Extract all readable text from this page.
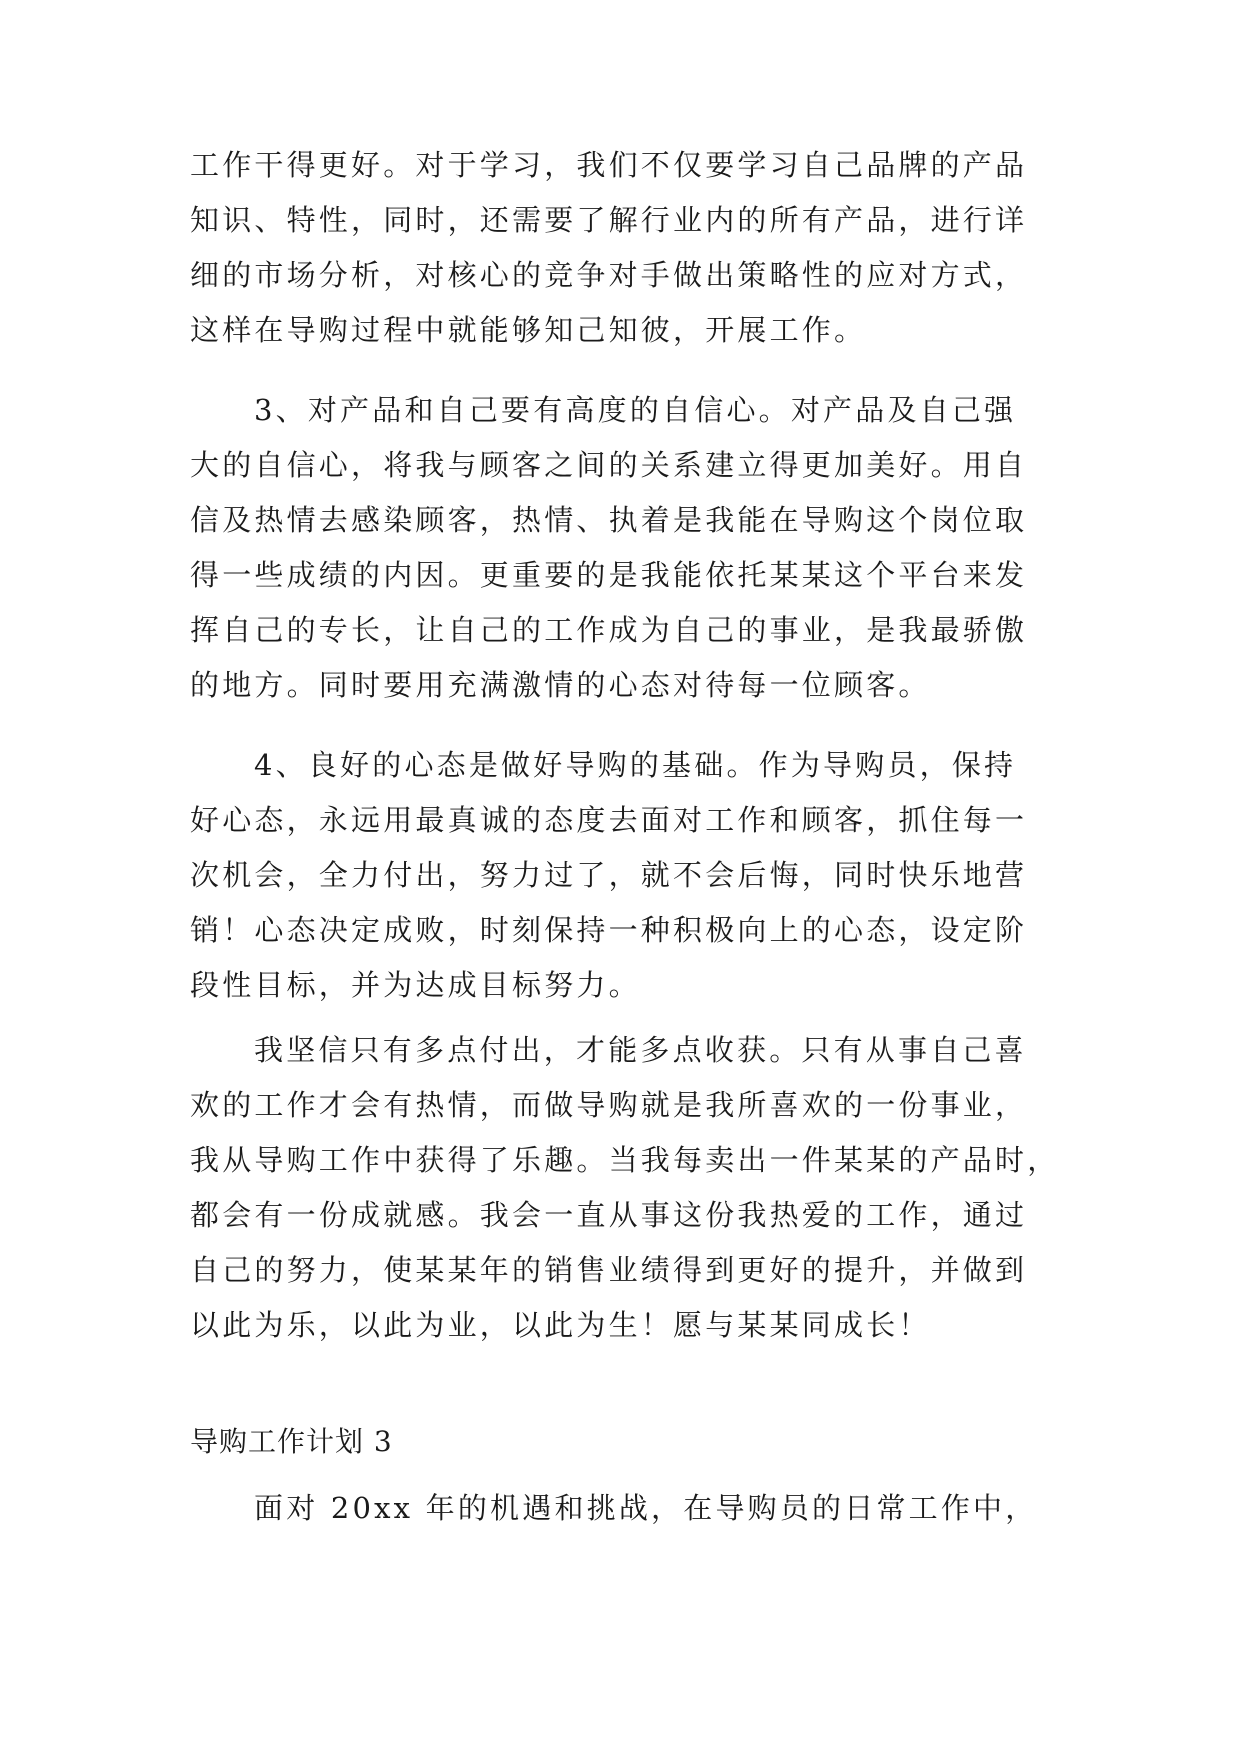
工作干得更好。对于学习，我们不仅要学习自己品牌的产品
知识、特性，同时，还需要了解行业内的所有产品，进行详
细的市场分析，对核心的竞争对手做出策略性的应对方式，
这样在导购过程中就能够知己知彼，开展工作。
3、对产品和自己要有高度的自信心。对产品及自己强
大的自信心，将我与顾客之间的关系建立得更加美好。用自
信及热情去感染顾客，热情、执着是我能在导购这个岗位取
得一些成绩的内因。更重要的是我能依托某某这个平台来发
挥自己的专长，让自己的工作成为自己的事业，是我最骄傲
的地方。同时要用充满激情的心态对待每一位顾客。
4、良好的心态是做好导购的基础。作为导购员，保持
好心态，永远用最真诚的态度去面对工作和顾客，抓住每一
次机会，全力付出，努力过了，就不会后悔，同时快乐地营
销！心态决定成败，时刻保持一种积极向上的心态，设定阶
段性目标，并为达成目标努力。
我坚信只有多点付出，才能多点收获。只有从事自己喜
欢的工作才会有热情，而做导购就是我所喜欢的一份事业，
我从导购工作中获得了乐趣。当我每卖出一件某某的产品时，
都会有一份成就感。我会一直从事这份我热爱的工作，通过
自己的努力，使某某年的销售业绩得到更好的提升，并做到
以此为乐，以此为业，以此为生！愿与某某同成长！
导购工作计划 3
面对 20xx 年的机遇和挑战，在导购员的日常工作中，
